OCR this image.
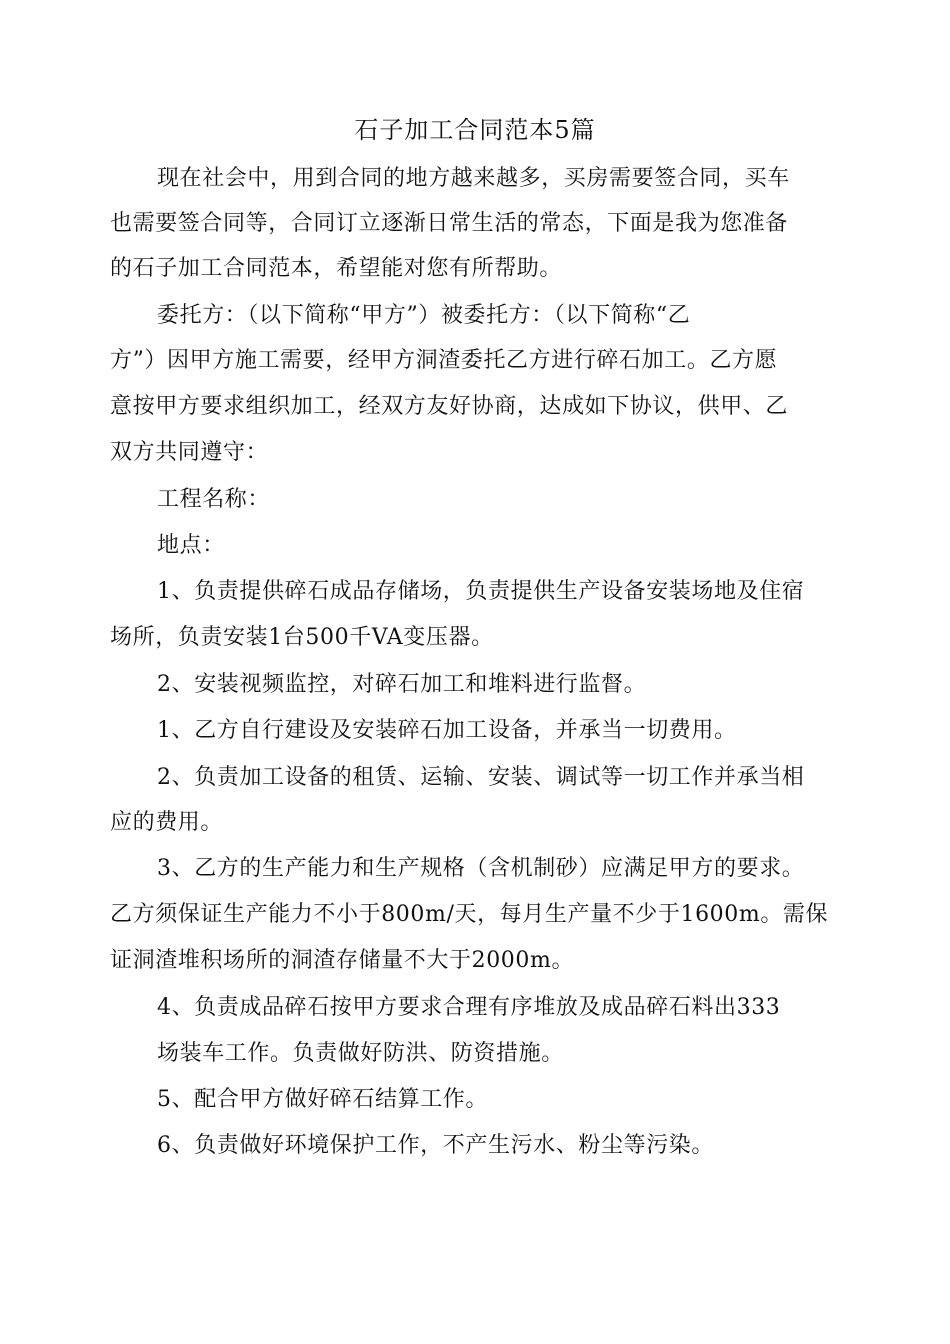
石子加工合同范本5篇
现在社会中，用到合同的地方越来越多，买房需要签合同，买车
也需要签合同等，合同订立逐渐日常生活的常态，下面是我为您准备
的石子加工合同范本，希望能对您有所帮助。
委托方：（以下简称“甲方”）被委托方：（以下简称“乙
方”）因甲方施工需要，经甲方洞渣委托乙方进行碎石加工。乙方愿
意按甲方要求组织加工，经双方友好协商，达成如下协议，供甲、乙
双方共同遵守：
工程名称：
地点：
1、负责提供碎石成品存储场，负责提供生产设备安装场地及住宿
场所，负责安装1台500千VA变压器。
2、安装视频监控，对碎石加工和堆料进行监督。
1、乙方自行建设及安装碎石加工设备，并承当一切费用。
2、负责加工设备的租赁、运输、安装、调试等一切工作并承当相
应的费用。
3、乙方的生产能力和生产规格（含机制砂）应满足甲方的要求。
乙方须保证生产能力不小于800m/天，每月生产量不少于1600m。需保
证洞渣堆积场所的洞渣存储量不大于2000m。
4、负责成品碎石按甲方要求合理有序堆放及成品碎石料出333
场装车工作。负责做好防洪、防资措施。
5、配合甲方做好碎石结算工作。
6、负责做好环境保护工作，不产生污水、粉尘等污染。
